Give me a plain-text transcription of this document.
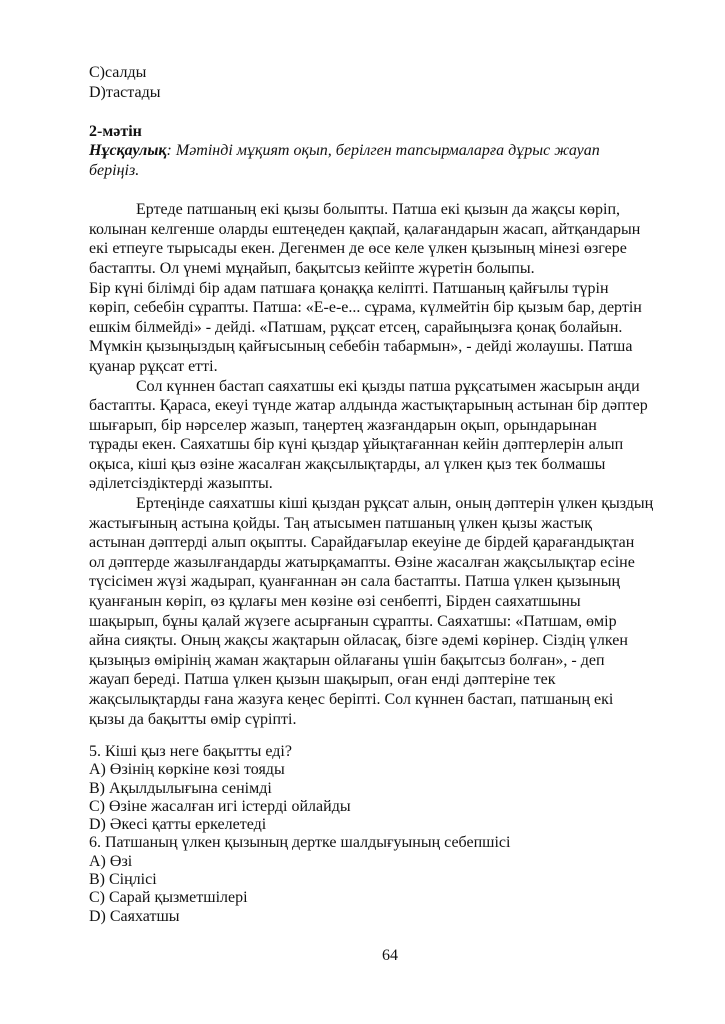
С)салды
D)тастады
2-мәтін
Нұсқаулық: Мәтінді мұқият оқып, берілген тапсырмаларға дұрыс жауап
беріңіз.
Ертеде патшаның екі қызы болыпты. Патша екі қызын да жақсы көріп,
колынан келгенше оларды ештеңеден қақпай, қалағандарын жасап, айтқандарын
екі етпеуге тырысады екен. Дегенмен де өсе келе үлкен қызының мінезі өзгере
бастапты. Ол үнемі мұңайып, бақытсыз кейіпте жүретін болыпы.
Бір күні білімді бір адам патшаға қонаққа келіпті. Патшаның қайғылы түрін
көріп, себебін сұрапты. Патша: «Е-е-е... сұрама, күлмейтін бір қызым бар, дертін
ешкім білмейді» - дейді. «Патшам, рұқсат етсең, сарайыңызға қонақ болайын.
Мүмкін қызыңыздың қайғысының себебін табармын», - дейді жолаушы. Патша
қуанар рұқсат етті.
Сол күннен бастап саяхатшы екі қызды патша рұқсатымен жасырын аңди
бастапты. Қараса, екеуі түнде жатар алдында жастықтарының астынан бір дәптер
шығарып, бір нәрселер жазып, таңертең жазғандарын оқып, орындарынан
тұрады екен. Саяхатшы бір күні қыздар ұйықтағаннан кейін дәптерлерін алып
оқыса, кіші қыз өзіне жасалған жақсылықтарды, ал үлкен қыз тек болмашы
әділетсіздіктерді жазыпты.
Ертеңінде саяхатшы кіші қыздан рұқсат алын, оның дәптерін үлкен қыздың
жастығының астына қойды. Таң атысымен патшаның үлкен қызы жастық
астынан дәптерді алып оқыпты. Сарайдағылар екеуіне де бірдей қарағандықтан
ол дәптерде жазылғандарды жатырқамапты. Өзіне жасалған жақсылықтар есіне
түсісімен жүзі жадырап, қуанғаннан ән сала бастапты. Патша үлкен қызының
қуанғанын көріп, өз құлағы мен көзіне өзі сенбепті, Бірден саяхатшыны
шақырып, бұны қалай жүзеге асырғанын сұрапты. Саяхатшы: «Патшам, өмір
айна сияқты. Оның жақсы жақтарын ойласақ, бізге әдемі көрінер. Сіздің үлкен
қызыңыз өмірінің жаман жақтарын ойлағаны үшін бақытсыз болған», - деп
жауап береді. Патша үлкен қызын шақырып, оған енді дәптеріне тек
жақсылықтарды ғана жазуға кеңес беріпті. Сол күннен бастап, патшаның екі
қызы да бақытты өмір сүріпті.
5. Кіші қыз неге бақытты еді?
A) Өзінің көркіне көзі тояды
B) Ақылдылығына сенімді
C) Өзіне жасалған игі істерді ойлайды
D) Әкесі қатты еркелетеді
6. Патшаның үлкен қызының дертке шалдығуының себепшісі
A) Өзі
B) Сіңлісі
C) Сарай қызметшілері
D) Саяхатшы
64
